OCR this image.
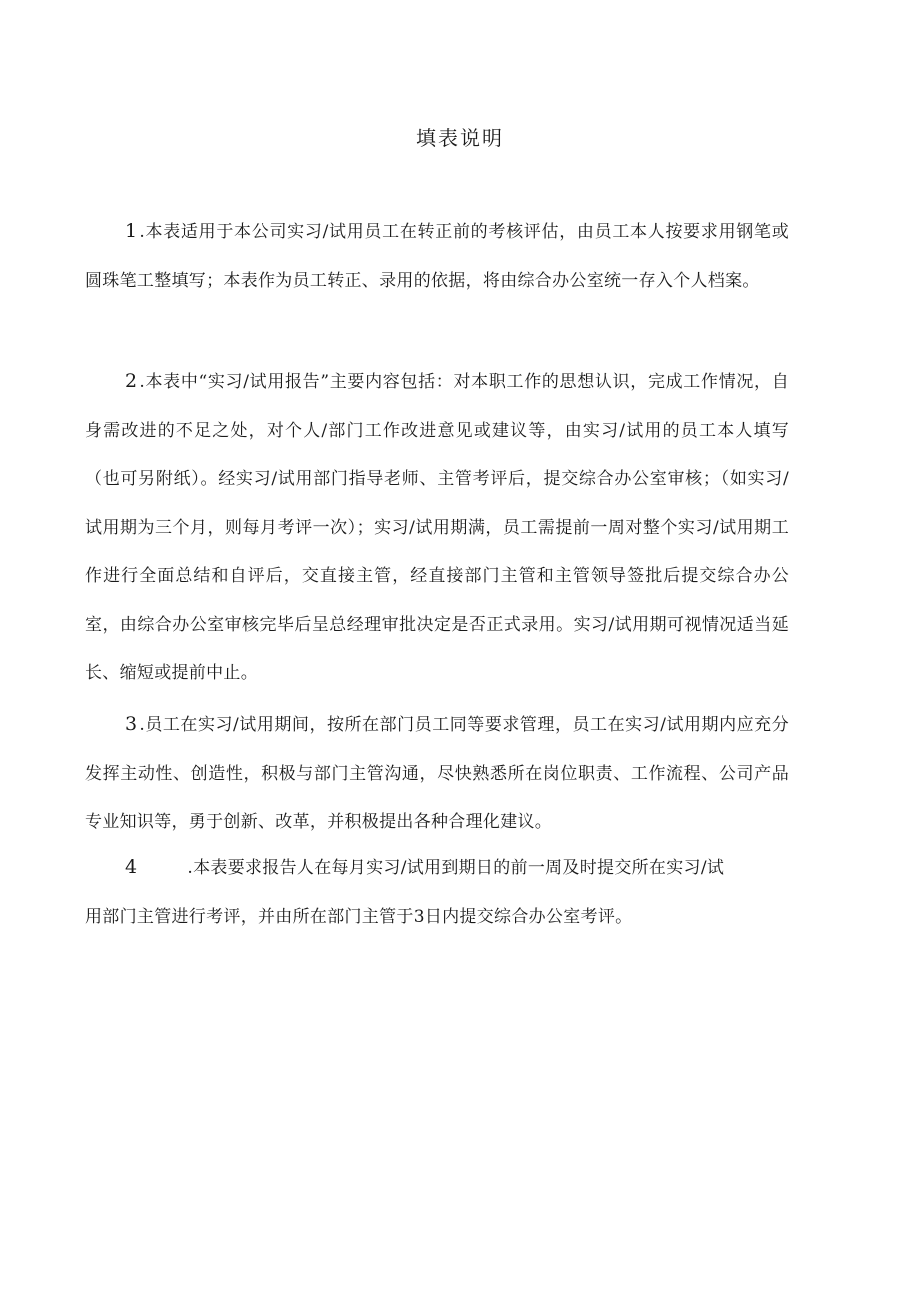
填表说明

1 .本表适用于本公司实习/试用员工在转正前的考核评估，由员工本人按要求用钢笔或圆珠笔工整填写；本表作为员工转正、录用的依据，将由综合办公室统一存入个人档案。

2 .本表中“实习/试用报告”主要内容包括：对本职工作的思想认识，完成工作情况，自身需改进的不足之处，对个人/部门工作改进意见或建议等，由实习/试用的员工本人填写（也可另附纸）。经实习/试用部门指导老师、主管考评后，提交综合办公室审核；（如实习/试用期为三个月，则每月考评一次）；实习/试用期满，员工需提前一周对整个实习/试用期工作进行全面总结和自评后，交直接主管，经直接部门主管和主管领导签批后提交综合办公室，由综合办公室审核完毕后呈总经理审批决定是否正式录用。实习/试用期可视情况适当延长、缩短或提前中止。

3 .员工在实习/试用期间，按所在部门员工同等要求管理，员工在实习/试用期内应充分发挥主动性、创造性，积极与部门主管沟通，尽快熟悉所在岗位职责、工作流程、公司产品专业知识等，勇于创新、改革，并积极提出各种合理化建议。

4	.本表要求报告人在每月实习/试用到期日的前一周及时提交所在实习/试
用部门主管进行考评，并由所在部门主管于3日内提交综合办公室考评。
